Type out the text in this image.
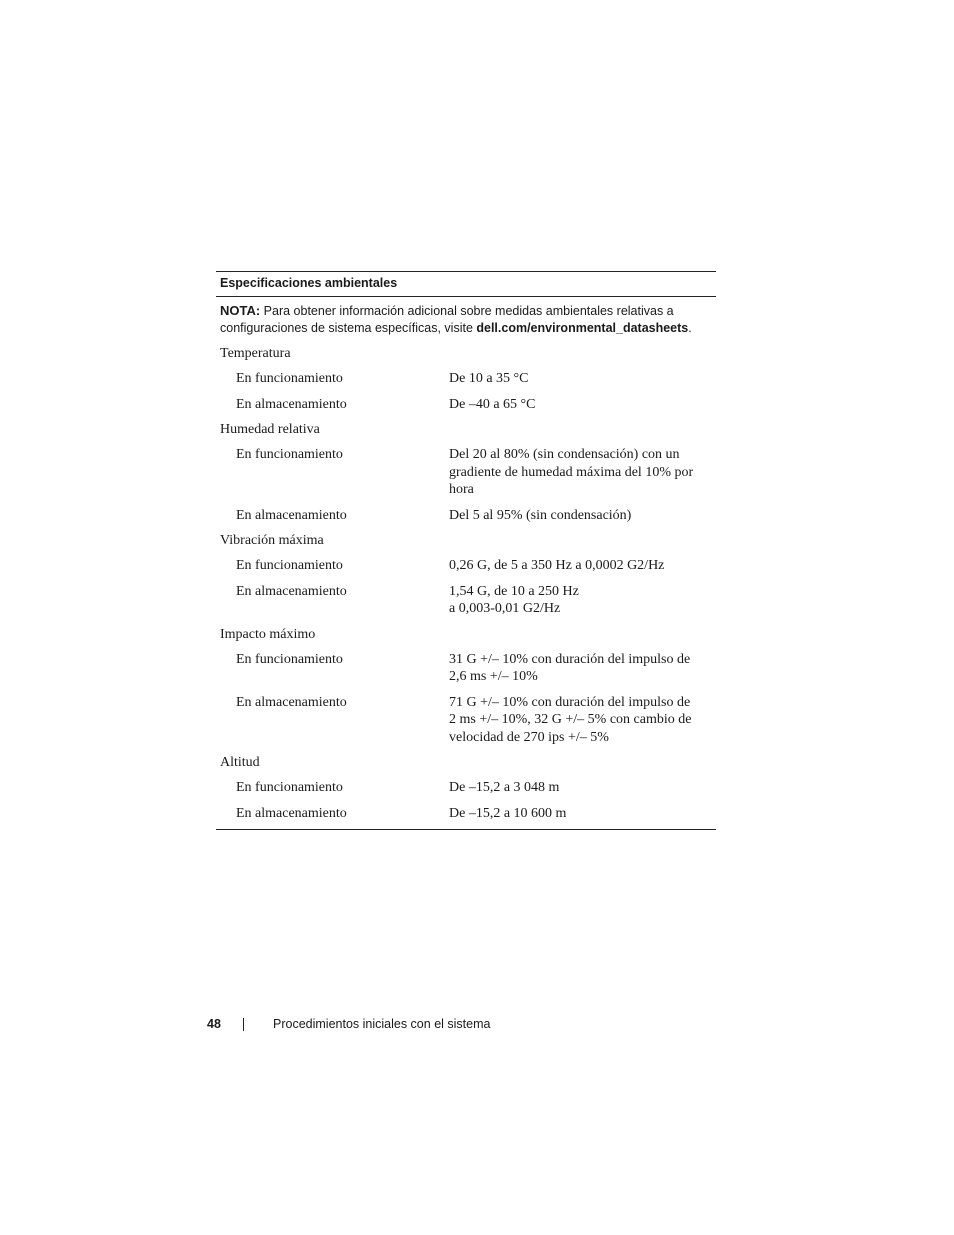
Especificaciones ambientales
NOTA: Para obtener información adicional sobre medidas ambientales relativas a configuraciones de sistema específicas, visite dell.com/environmental_datasheets.
Temperatura
En funcionamiento	De 10 a 35 °C
En almacenamiento	De –40 a 65 °C
Humedad relativa
En funcionamiento	Del 20 al 80% (sin condensación) con un gradiente de humedad máxima del 10% por hora
En almacenamiento	Del 5 al 95% (sin condensación)
Vibración máxima
En funcionamiento	0,26 G, de 5 a 350 Hz a 0,0002 G2/Hz
En almacenamiento	1,54 G, de 10 a 250 Hz
a 0,003-0,01 G2/Hz
Impacto máximo
En funcionamiento	31 G +/– 10% con duración del impulso de 2,6 ms +/– 10%
En almacenamiento	71 G +/– 10% con duración del impulso de 2 ms +/– 10%, 32 G +/– 5% con cambio de velocidad de 270 ips +/– 5%
Altitud
En funcionamiento	De –15,2 a 3 048 m
En almacenamiento	De –15,2 a 10 600 m
48	Procedimientos iniciales con el sistema
